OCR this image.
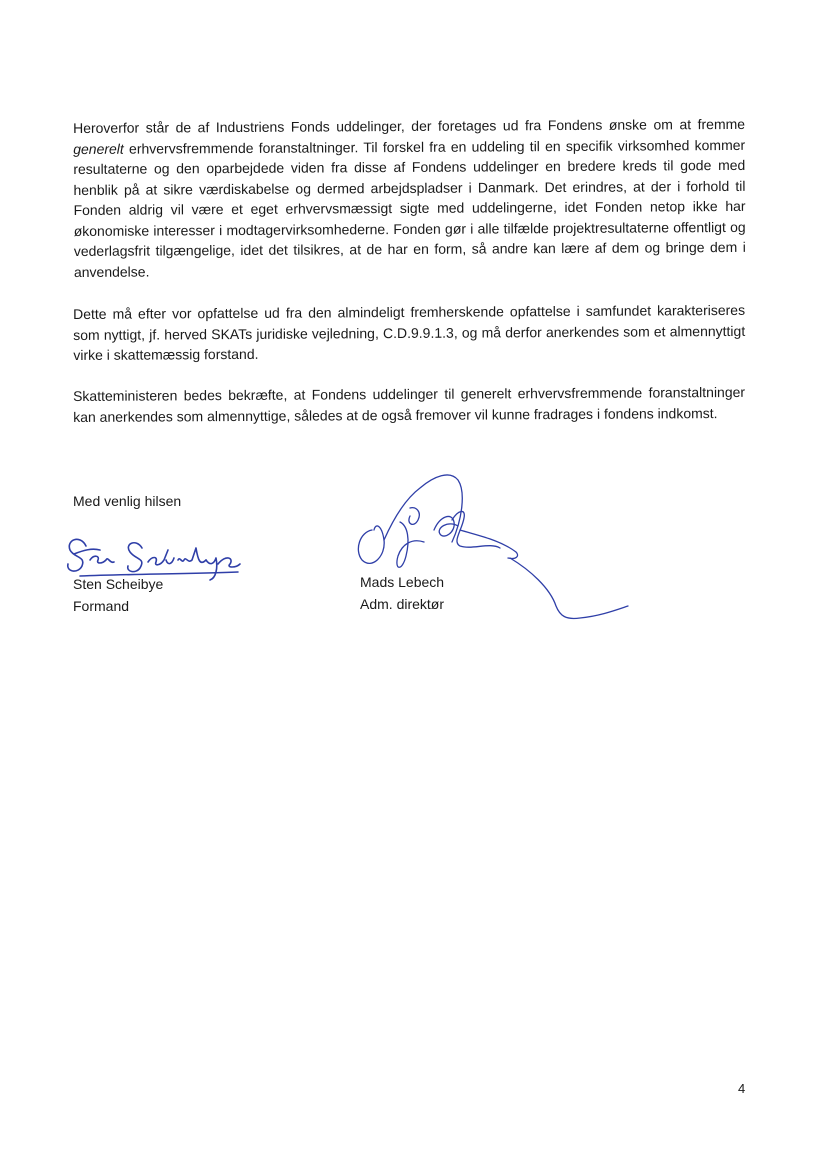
Heroverfor står de af Industriens Fonds uddelinger, der foretages ud fra Fondens ønske om at fremme generelt erhvervsfremmende foranstaltninger. Til forskel fra en uddeling til en specifik virksomhed kommer resultaterne og den oparbejdede viden fra disse af Fondens uddelinger en bredere kreds til gode med henblik på at sikre værdiskabelse og dermed arbejdspladser i Danmark. Det erindres, at der i forhold til Fonden aldrig vil være et eget erhvervsmæssigt sigte med uddelingerne, idet Fonden netop ikke har økonomiske interesser i modtagervirksomhederne. Fonden gør i alle tilfælde projektresultaterne offentligt og vederlagsfrit tilgængelige, idet det tilsikres, at de har en form, så andre kan lære af dem og bringe dem i anvendelse.

Dette må efter vor opfattelse ud fra den almindeligt fremherskende opfattelse i samfundet karakteriseres som nyttigt, jf. herved SKATs juridiske vejledning, C.D.9.9.1.3, og må derfor anerkendes som et almennyttigt virke i skattemæssig forstand.

Skatteministeren bedes bekræfte, at Fondens uddelinger til generelt erhvervsfremmende foranstaltninger kan anerkendes som almennyttige, således at de også fremover vil kunne fradrages i fondens indkomst.

Med venlig hilsen

Sten Scheibye
Formand
Mads Lebech
Adm. direktør
4
